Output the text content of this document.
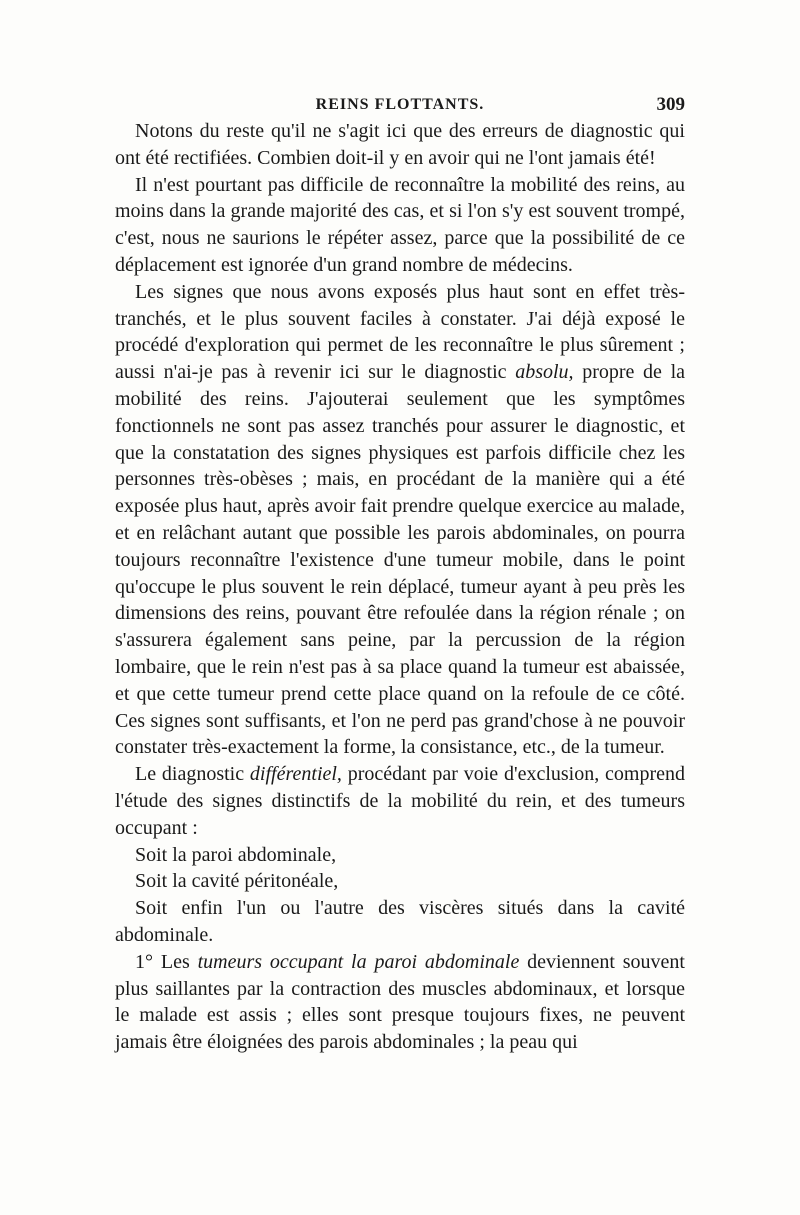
REINS FLOTTANTS.	309

Notons du reste qu'il ne s'agit ici que des erreurs de diagnostic qui ont été rectifiées. Combien doit-il y en avoir qui ne l'ont jamais été!

Il n'est pourtant pas difficile de reconnaître la mobilité des reins, au moins dans la grande majorité des cas, et si l'on s'y est souvent trompé, c'est, nous ne saurions le répéter assez, parce que la possibilité de ce déplacement est ignorée d'un grand nombre de médecins.

Les signes que nous avons exposés plus haut sont en effet très-tranchés, et le plus souvent faciles à constater. J'ai déjà exposé le procédé d'exploration qui permet de les reconnaître le plus sûrement ; aussi n'ai-je pas à revenir ici sur le diagnostic absolu, propre de la mobilité des reins. J'ajouterai seulement que les symptômes fonctionnels ne sont pas assez tranchés pour assurer le diagnostic, et que la constatation des signes physiques est parfois difficile chez les personnes très-obèses ; mais, en procédant de la manière qui a été exposée plus haut, après avoir fait prendre quelque exercice au malade, et en relâchant autant que possible les parois abdominales, on pourra toujours reconnaître l'existence d'une tumeur mobile, dans le point qu'occupe le plus souvent le rein déplacé, tumeur ayant à peu près les dimensions des reins, pouvant être refoulée dans la région rénale ; on s'assurera également sans peine, par la percussion de la région lombaire, que le rein n'est pas à sa place quand la tumeur est abaissée, et que cette tumeur prend cette place quand on la refoule de ce côté. Ces signes sont suffisants, et l'on ne perd pas grand'chose à ne pouvoir constater très-exactement la forme, la consistance, etc., de la tumeur.

Le diagnostic différentiel, procédant par voie d'exclusion, comprend l'étude des signes distinctifs de la mobilité du rein, et des tumeurs occupant :

Soit la paroi abdominale,

Soit la cavité péritonéale,

Soit enfin l'un ou l'autre des viscères situés dans la cavité abdominale.

1° Les tumeurs occupant la paroi abdominale deviennent souvent plus saillantes par la contraction des muscles abdominaux, et lorsque le malade est assis ; elles sont presque toujours fixes, ne peuvent jamais être éloignées des parois abdominales ; la peau qui
